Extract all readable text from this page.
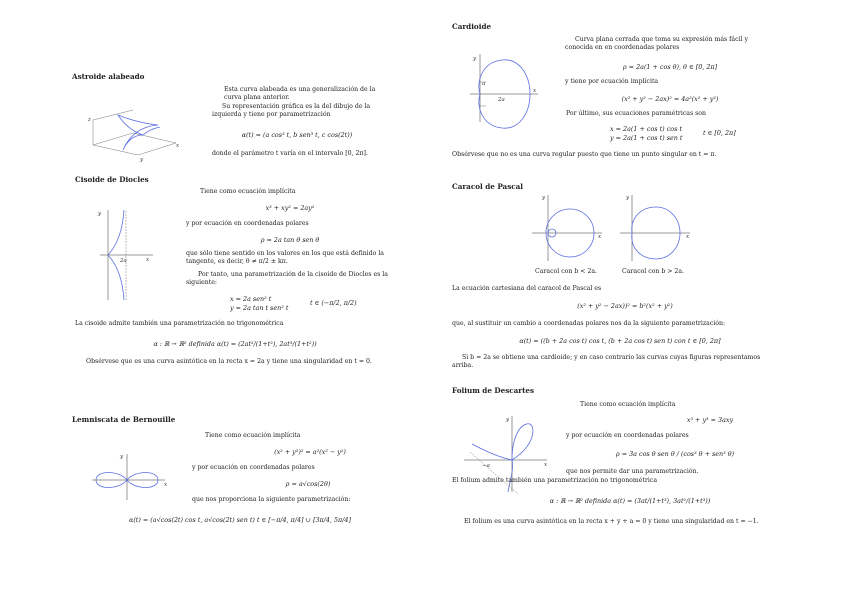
Astroide alabeado
z
y
x
Esta curva alabeada es una generalización de la curva plana anterior.
Su representación gráfica es la del dibujo de la izquierda y tiene por parametrización
α(t) = (a cos³ t, b sen³ t, c cos(2t))
donde el parámetro t varía en el intervalo [0, 2π].
Cisoide de Diocles
y
x
2a
Tiene como ecuación implícita
x³ + xy² = 2ay²
y por ecuación en coordenadas polares
ρ = 2a tan θ sen θ
que sólo tiene sentido en los valores en los que está definido la tangente, es decir, θ ≠ π/2 ± kπ.
Por tanto, una parametrización de la cisoide de Diocles es la siguiente:
x = 2a sen² t
y = 2a tan t sen² t
t ∈ (−π/2, π/2)
La cisoide admite también una parametrización no trigonométrica
α : ℝ → ℝ² definida α(t) = (2at²/(1+t²), 2at³/(1+t²))
Obsérvese que es una curva asintótica en la recta x = 2a y tiene una singularidad en t = 0.
Lemniscata de Bernouille
Tiene como ecuación implícita
y
x
(x² + y²)² = a²(x² − y²)
y por ecuación en coordenadas polares
ρ = a√cos(2θ)
que nos proporciona la siguiente parametrización:
α(t) = (a√cos(2t) cos t, a√cos(2t) sen t) t ∈ [−π/4, π/4] ∪ [3π/4, 5π/4]
Cardioide
y
x
a
2a
Curva plana cerrada que toma su expresión más fácil y conocida en en coordenadas polares
ρ = 2a(1 + cos θ), θ ∈ [0, 2π]
y tiene por ecuación implícita
(x² + y² − 2ax)² = 4a²(x² + y²)
Por último, sus ecuaciones paramétricas son
x = 2a(1 + cos t) cos t
y = 2a(1 + cos t) sen t
t ∈ [0, 2π]
Obsérvese que no es una curva regular puesto que tiene un punto singular en t = π.
Caracol de Pascal
y
x
y
x
Caracol con b < 2a.	Caracol con b > 2a.
La ecuación cartesiana del caracol de Pascal es
(x² + y² − 2ax))² = b²(x² + y²)
que, al sustituir un cambio a coordenadas polares nos da la siguiente parametrización:
α(t) = ((b + 2a cos t) cos t, (b + 2a cos t) sen t) con t ∈ [0, 2π]
Si b = 2a se obtiene una cardioide; y en caso contrario las curvas cuyas figuras representamos arriba.
Folium de Descartes
Tiene como ecuación implícita
y
x
−a
x³ + y³ = 3axy
y por ecuación en coordenadas polares
ρ = 3a cos θ sen θ / (cos³ θ + sen³ θ)
que nos permite dar una parametrización.
El folium admite también una parametrización no trigonométrica
α : ℝ → ℝ² definida α(t) = (3at/(1+t³), 3at²/(1+t³))
El folium es una curva asintótica en la recta x + y + a = 0 y tiene una singularidad en t = −1.
